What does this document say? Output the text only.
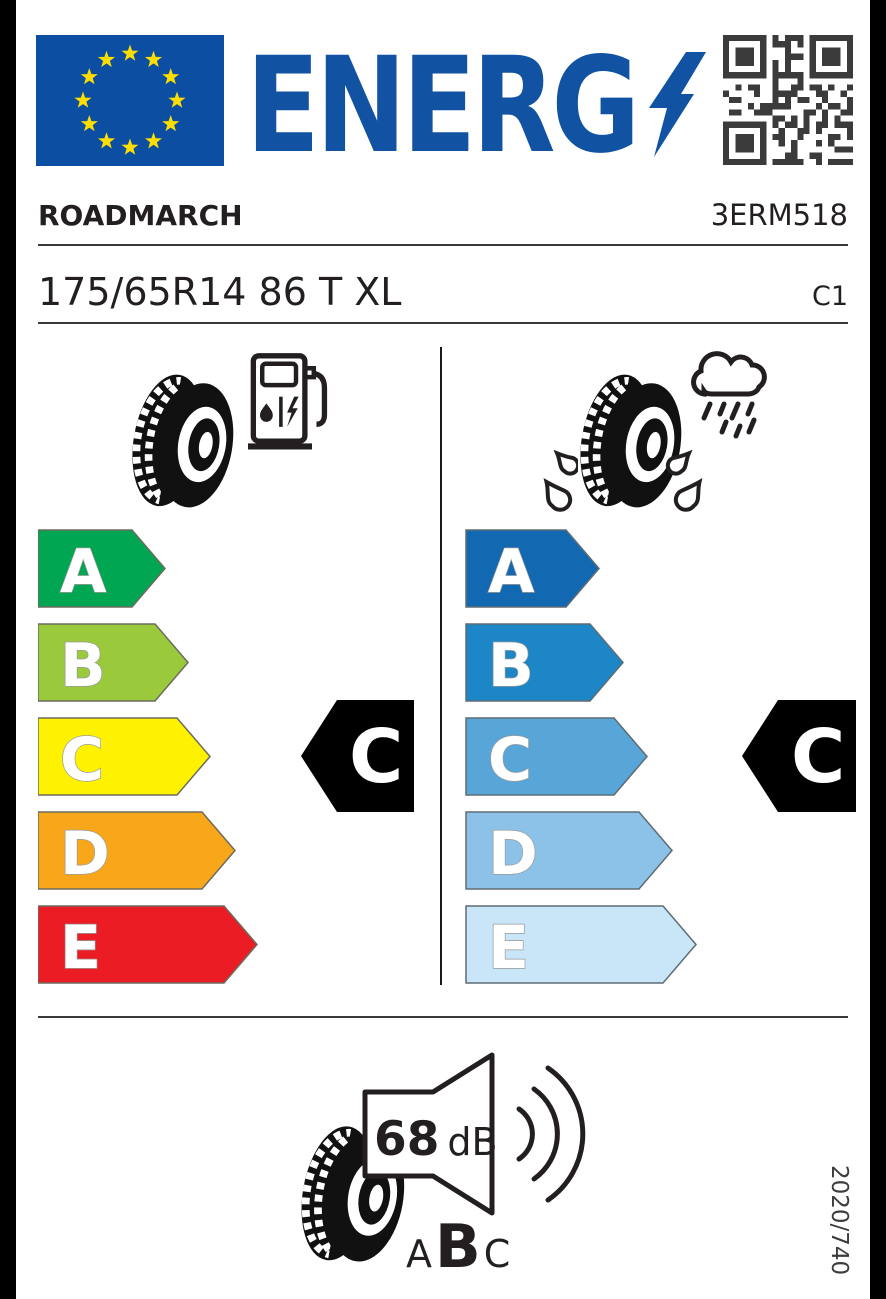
ENERG
ROADMARCH	3ERM518
175/65R14 86 T XL	C1
A
B
C
D
E
C
A
B
C
D
E
C
68 dB
A B C	2020/740
